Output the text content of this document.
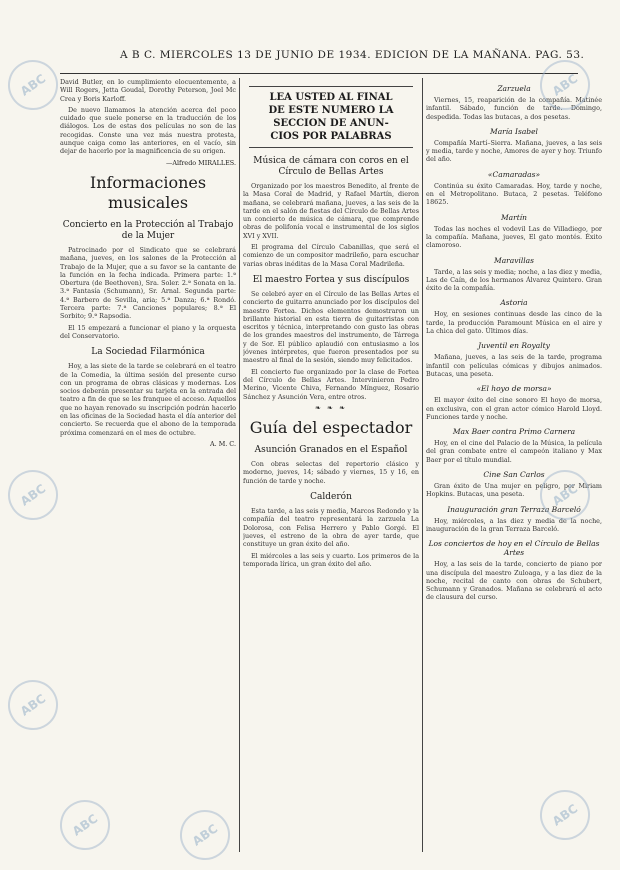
A B C. MIERCOLES 13 DE JUNIO DE 1934. EDICION DE LA MAÑANA. PAG. 53.

David Butler, en lo cumplimiento elocuentemente, a Will Rogers, Jetta Goudal, Dorothy Peterson, Joel Mc Crea y Boris Karloff.

De nuevo llamamos la atención acerca del poco cuidado que suele ponerse en la traducción de los diálogos. Los de estas dos películas no son de las recogidas. Conste una vez más nuestra protesta, aunque caiga como las anteriores, en el vacío, sin dejar de hacerlo por la magnificencia de su origen.

—Alfredo MIRALLES.

Informaciones musicales
Concierto en la Protección al Trabajo de la Mujer

Patrocinado por el Sindicato que se celebrará mañana, jueves, en los salones de la Protección al Trabajo de la Mujer, que a su favor se la cantante de la función en la fecha indicada. Primera parte: 1.ª Obertura (de Beethoven), Sra. Soler. 2.ª Sonata en la. 3.ª Fantasía (Schumann), Sr. Arnal. Segunda parte: 4.ª Barbero de Sevilla, aria; 5.ª Danza; 6.ª Rondó. Tercera parte: 7.ª Canciones populares; 8.ª El Sorbito; 9.ª Rapsodia.

El 15 empezará a funcionar el piano y la orquesta del Conservatorio.

La Sociedad Filarmónica

Hoy, a las siete de la tarde se celebrará en el teatro de la Comedia, la última sesión del presente curso con un programa de obras clásicas y modernas. Los socios deberán presentar su tarjeta en la entrada del teatro a fin de que se les franquee el acceso. Aquellos que no hayan renovado su inscripción podrán hacerlo en las oficinas de la Sociedad hasta el día anterior del concierto. Se recuerda que el abono de la temporada próxima comenzará en el mes de octubre.

A. M. C.

LEA USTED AL FINAL
DE ESTE NUMERO LA
SECCION DE ANUN-
CIOS POR PALABRAS
Música de cámara con coros en el Círculo de Bellas Artes

Organizado por los maestros Benedito, al frente de la Masa Coral de Madrid, y Rafael Martín, dieron mañana, se celebrará mañana, jueves, a las seis de la tarde en el salón de fiestas del Círculo de Bellas Artes un concierto de música de cámara, que comprende obras de polifonía vocal e instrumental de los siglos XVI y XVII.

El programa del Círculo Cabanillas, que será el comienzo de un compositor madrileño, para escuchar varias obras inéditas de la Masa Coral Madrileña.

El maestro Fortea y sus discípulos

Se celebró ayer en el Círculo de las Bellas Artes el concierto de guitarra anunciado por los discípulos del maestro Fortea. Dichos elementos demostraron un brillante historial en esta tierra de guitarristas con escritos y técnica, interpretando con gusto las obras de los grandes maestros del instrumento, de Tárrega y de Sor. El público aplaudió con entusiasmo a los jóvenes intérpretes, que fueron presentados por su maestro al final de la sesión, siendo muy felicitados.

El concierto fue organizado por la clase de Fortea del Círculo de Bellas Artes. Intervinieron Pedro Merino, Vicente Chiva, Fernando Mínguez, Rosario Sánchez y Asunción Vera, entre otros.

❧ ❧ ❧
Guía del espectador
Asunción Granados en el Español

Con obras selectas del repertorio clásico y moderno, jueves, 14; sábado y viernes, 15 y 16, en función de tarde y noche.

Calderón

Esta tarde, a las seis y media, Marcos Redondo y la compañía del teatro representará la zarzuela La Dolorosa, con Felisa Herrero y Pablo Gorgé. El jueves, el estreno de la obra de ayer tarde, que constituye un gran éxito del año.

El miércoles a las seis y cuarto. Los primeros de la temporada lírica, un gran éxito del año.

Zarzuela

Viernes, 15, reaparición de la compañía. Matinée infantil. Sábado, función de tarde. Domingo, despedida. Todas las butacas, a dos pesetas.

María Isabel

Compañía Martí–Sierra. Mañana, jueves, a las seis y media, tarde y noche, Amores de ayer y hoy. Triunfo del año.

«Camaradas»

Continúa su éxito Camaradas. Hoy, tarde y noche, en el Metropolitano. Butaca, 2 pesetas. Teléfono 18625.

Martín

Todas las noches el vodevil Las de Villadiego, por la compañía. Mañana, jueves, El gato montés. Éxito clamoroso.

Maravillas

Tarde, a las seis y media; noche, a las diez y media, Las de Caín, de los hermanos Álvarez Quintero. Gran éxito de la compañía.

Astoria

Hoy, en sesiones continuas desde las cinco de la tarde, la producción Paramount Música en el aire y La chica del gato. Últimos días.

Juventil en Royalty

Mañana, jueves, a las seis de la tarde, programa infantil con películas cómicas y dibujos animados. Butacas, una peseta.

«El hoyo de morsa»

El mayor éxito del cine sonoro El hoyo de morsa, en exclusiva, con el gran actor cómico Harold Lloyd. Funciones tarde y noche.

Max Baer contra Primo Carnera

Hoy, en el cine del Palacio de la Música, la película del gran combate entre el campeón italiano y Max Baer por el título mundial.

Cine San Carlos

Gran éxito de Una mujer en peligro, por Miriam Hopkins. Butacas, una peseta.

Inauguración gran Terraza Barceló

Hoy, miércoles, a las diez y media de la noche, inauguración de la gran Terraza Barceló.

Los conciertos de hoy en el Círculo de Bellas Artes

Hoy, a las seis de la tarde, concierto de piano por una discípula del maestro Zuloaga, y a las diez de la noche, recital de canto con obras de Schubert, Schumann y Granados. Mañana se celebrará el acto de clausura del curso.

ABC
ABC
ABC
ABC
ABC
ABC
ABC	ABC
